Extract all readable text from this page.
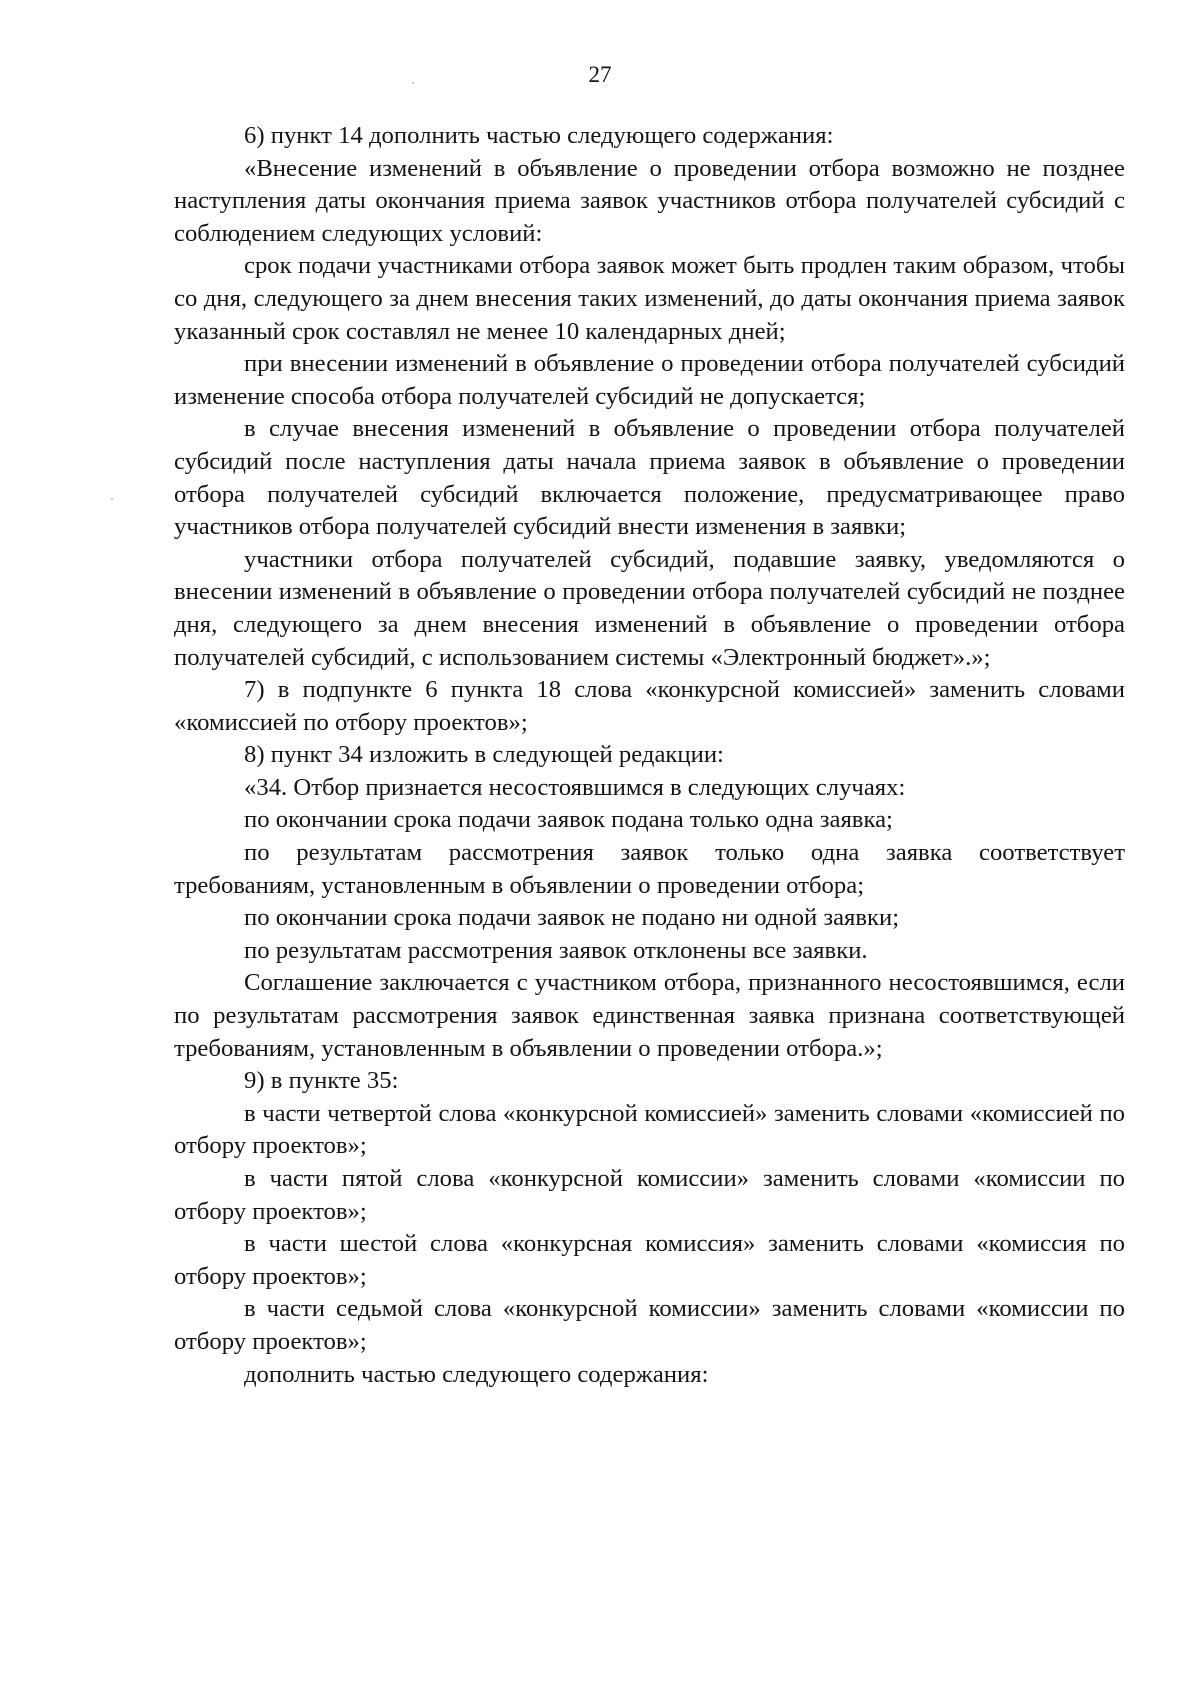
27

6) пункт 14 дополнить частью следующего содержания:

«Внесение изменений в объявление о проведении отбора возможно не позднее наступления даты окончания приема заявок участников отбора получателей субсидий с соблюдением следующих условий:

срок подачи участниками отбора заявок может быть продлен таким образом, чтобы со дня, следующего за днем внесения таких изменений, до даты окончания приема заявок указанный срок составлял не менее 10 календарных дней;

при внесении изменений в объявление о проведении отбора получателей субсидий изменение способа отбора получателей субсидий не допускается;

в случае внесения изменений в объявление о проведении отбора получателей субсидий после наступления даты начала приема заявок в объявление о проведении отбора получателей субсидий включается положение, предусматривающее право участников отбора получателей субсидий внести изменения в заявки;

участники отбора получателей субсидий, подавшие заявку, уведомляются о внесении изменений в объявление о проведении отбора получателей субсидий не позднее дня, следующего за днем внесения изменений в объявление о проведении отбора получателей субсидий, с использованием системы «Электронный бюджет».»;

7) в подпункте 6 пункта 18 слова «конкурсной комиссией» заменить словами «комиссией по отбору проектов»;

8) пункт 34 изложить в следующей редакции:

«34. Отбор признается несостоявшимся в следующих случаях:

по окончании срока подачи заявок подана только одна заявка;

по результатам рассмотрения заявок только одна заявка соответствует требованиям, установленным в объявлении о проведении отбора;

по окончании срока подачи заявок не подано ни одной заявки;

по результатам рассмотрения заявок отклонены все заявки.

Соглашение заключается с участником отбора, признанного несостоявшимся, если по результатам рассмотрения заявок единственная заявка признана соответствующей требованиям, установленным в объявлении о проведении отбора.»;

9) в пункте 35:

в части четвертой слова «конкурсной комиссией» заменить словами «комиссией по отбору проектов»;

в части пятой слова «конкурсной комиссии» заменить словами «комиссии по отбору проектов»;

в части шестой слова «конкурсная комиссия» заменить словами «комиссия по отбору проектов»;

в части седьмой слова «конкурсной комиссии» заменить словами «комиссии по отбору проектов»;

дополнить частью следующего содержания:
